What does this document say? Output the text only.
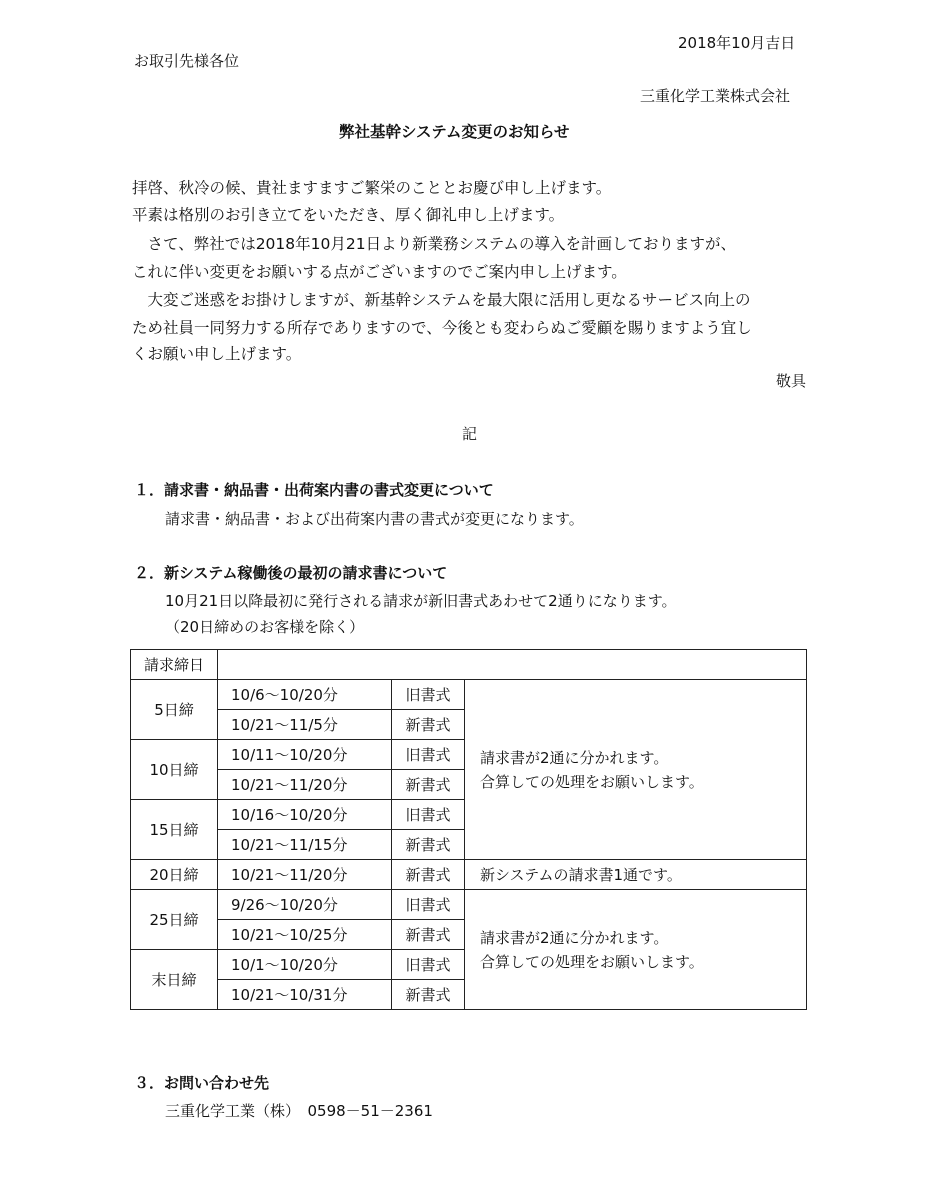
2018年10月吉日
お取引先様各位
三重化学工業株式会社
弊社基幹システム変更のお知らせ
拝啓、秋冷の候、貴社ますますご繁栄のこととお慶び申し上げます。
平素は格別のお引き立てをいただき、厚く御礼申し上げます。
　さて、弊社では2018年10月21日より新業務システムの導入を計画しておりますが、
これに伴い変更をお願いする点がございますのでご案内申し上げます。
　大変ご迷惑をお掛けしますが、新基幹システムを最大限に活用し更なるサービス向上の
ため社員一同努力する所存でありますので、今後とも変わらぬご愛顧を賜りますよう宜し
くお願い申し上げます。
敬具
記
１．請求書・納品書・出荷案内書の書式変更について
請求書・納品書・および出荷案内書の書式が変更になります。
２．新システム稼働後の最初の請求書について
10月21日以降最初に発行される請求が新旧書式あわせて2通りになります。
（20日締めのお客様を除く）
請求締日			
5日締	10/6～10/20分	旧書式	請求書が2通に分かれます。
合算しての処理をお願いします。

	10/21～11/5分	新書式	
10日締	10/11～10/20分	旧書式	
	10/21～11/20分	新書式	
15日締	10/16～10/20分	旧書式	
	10/21～11/15分	新書式	
20日締	10/21～11/20分	新書式	新システムの請求書1通です。
25日締	9/26～10/20分	旧書式	請求書が2通に分かれます。
合算しての処理をお願いします。

	10/21～10/25分	新書式	
末日締	10/1～10/20分	旧書式	
	10/21～10/31分	新書式	
３．お問い合わせ先
三重化学工業（株）　0598－51－2361
